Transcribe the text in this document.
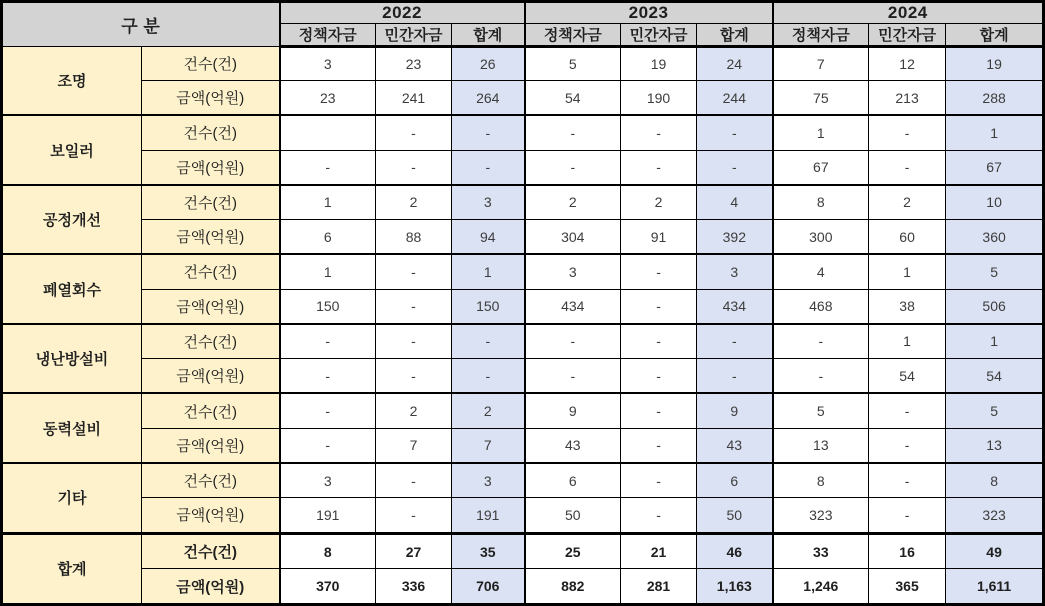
구 분		2022			2023			2024		
		정책자금	민간자금	합계	정책자금	민간자금	합계	정책자금	민간자금	합계
조명	건수(건)	3	23	26	5	19	24	7	12	19
	금액(억원)	23	241	264	54	190	244	75	213	288
보일러	건수(건)		-	-	-	-	-	1	-	1
	금액(억원)	-	-	-	-	-	-	67	-	67
공정개선	건수(건)	1	2	3	2	2	4	8	2	10
	금액(억원)	6	88	94	304	91	392	300	60	360
페열회수	건수(건)	1	-	1	3	-	3	4	1	5
	금액(억원)	150	-	150	434	-	434	468	38	506
냉난방설비	건수(건)	-	-	-	-	-	-	-	1	1
	금액(억원)	-	-	-	-	-	-	-	54	54
동력설비	건수(건)	-	2	2	9	-	9	5	-	5
	금액(억원)	-	7	7	43	-	43	13	-	13
기타	건수(건)	3	-	3	6	-	6	8	-	8
	금액(억원)	191	-	191	50	-	50	323	-	323
합계	건수(건)	8	27	35	25	21	46	33	16	49
	금액(억원)	370	336	706	882	281	1,163	1,246	365	1,611
